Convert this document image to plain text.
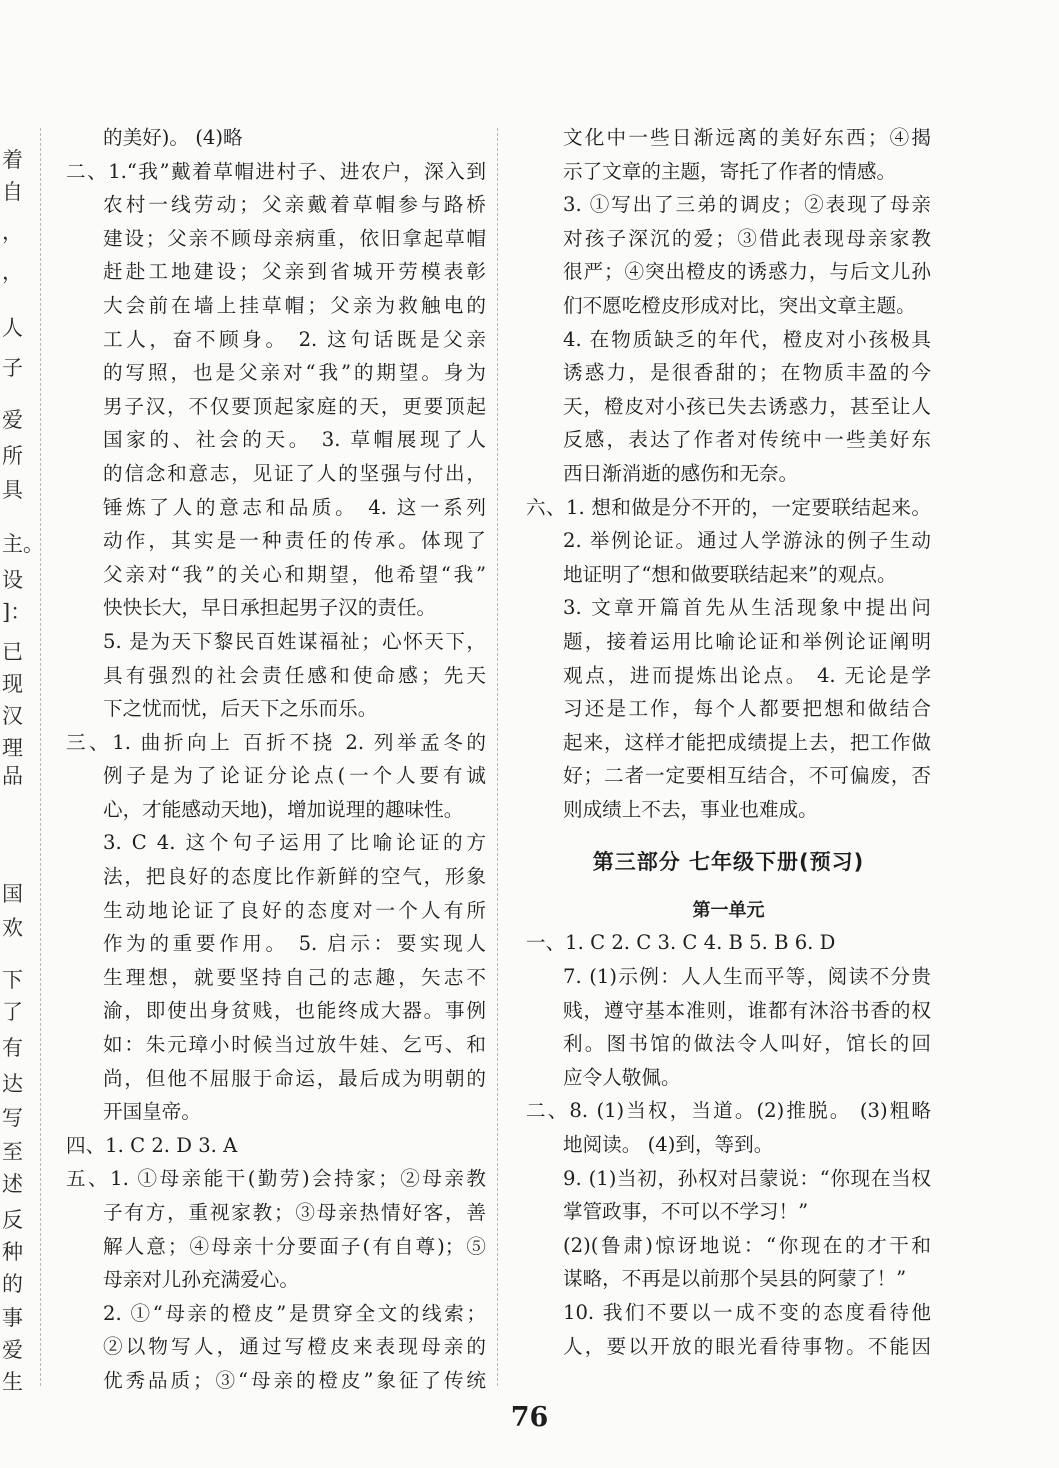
着
自
，
，
人
子
爱
所
具
主。
设
]：
已
现
汉
理
品
国
欢
下
了
有
达
写
至
述
反
种
的
事
爱
生
的美好)。 (4)略
二、1.“我”戴着草帽进村子、进农户，深入到
农村一线劳动；父亲戴着草帽参与路桥
建设；父亲不顾母亲病重，依旧拿起草帽
赶赴工地建设；父亲到省城开劳模表彰
大会前在墙上挂草帽；父亲为救触电的
工人，奋不顾身。 2. 这句话既是父亲
的写照，也是父亲对“我”的期望。身为
男子汉，不仅要顶起家庭的天，更要顶起
国家的、社会的天。 3. 草帽展现了人
的信念和意志，见证了人的坚强与付出，
锤炼了人的意志和品质。 4. 这一系列
动作，其实是一种责任的传承。体现了
父亲对“我”的关心和期望，他希望“我”
快快长大，早日承担起男子汉的责任。
5. 是为天下黎民百姓谋福祉；心怀天下，
具有强烈的社会责任感和使命感；先天
下之忧而忧，后天下之乐而乐。
三、1. 曲折向上 百折不挠 2. 列举孟冬的
例子是为了论证分论点(一个人要有诚
心，才能感动天地)，增加说理的趣味性。
3. C 4. 这个句子运用了比喻论证的方
法，把良好的态度比作新鲜的空气，形象
生动地论证了良好的态度对一个人有所
作为的重要作用。 5. 启示：要实现人
生理想，就要坚持自己的志趣，矢志不
渝，即使出身贫贱，也能终成大器。事例
如：朱元璋小时候当过放牛娃、乞丐、和
尚，但他不屈服于命运，最后成为明朝的
开国皇帝。
四、1. C 2. D 3. A
五、1. ①母亲能干(勤劳)会持家；②母亲教
子有方，重视家教；③母亲热情好客，善
解人意；④母亲十分要面子(有自尊)；⑤
母亲对儿孙充满爱心。
2. ①“母亲的橙皮”是贯穿全文的线索；
②以物写人，通过写橙皮来表现母亲的
优秀品质；③“母亲的橙皮”象征了传统
文化中一些日渐远离的美好东西；④揭
示了文章的主题，寄托了作者的情感。
3. ①写出了三弟的调皮；②表现了母亲
对孩子深沉的爱；③借此表现母亲家教
很严；④突出橙皮的诱惑力，与后文儿孙
们不愿吃橙皮形成对比，突出文章主题。
4. 在物质缺乏的年代，橙皮对小孩极具
诱惑力，是很香甜的；在物质丰盈的今
天，橙皮对小孩已失去诱惑力，甚至让人
反感，表达了作者对传统中一些美好东
西日渐消逝的感伤和无奈。
六、1. 想和做是分不开的，一定要联结起来。
2. 举例论证。通过人学游泳的例子生动
地证明了“想和做要联结起来”的观点。
3. 文章开篇首先从生活现象中提出问
题，接着运用比喻论证和举例论证阐明
观点，进而提炼出论点。 4. 无论是学
习还是工作，每个人都要把想和做结合
起来，这样才能把成绩提上去，把工作做
好；二者一定要相互结合，不可偏废，否
则成绩上不去，事业也难成。
第三部分 七年级下册(预习)
第一单元
一、1. C 2. C 3. C 4. B 5. B 6. D
7. (1)示例：人人生而平等，阅读不分贵
贱，遵守基本准则，谁都有沐浴书香的权
利。图书馆的做法令人叫好，馆长的回
应令人敬佩。
二、8. (1)当权，当道。(2)推脱。 (3)粗略
地阅读。 (4)到，等到。
9. (1)当初，孙权对吕蒙说：“你现在当权
掌管政事，不可以不学习！”
(2)(鲁肃)惊讶地说：“你现在的才干和
谋略，不再是以前那个吴县的阿蒙了！”
10. 我们不要以一成不变的态度看待他
人，要以开放的眼光看待事物。不能因
76
